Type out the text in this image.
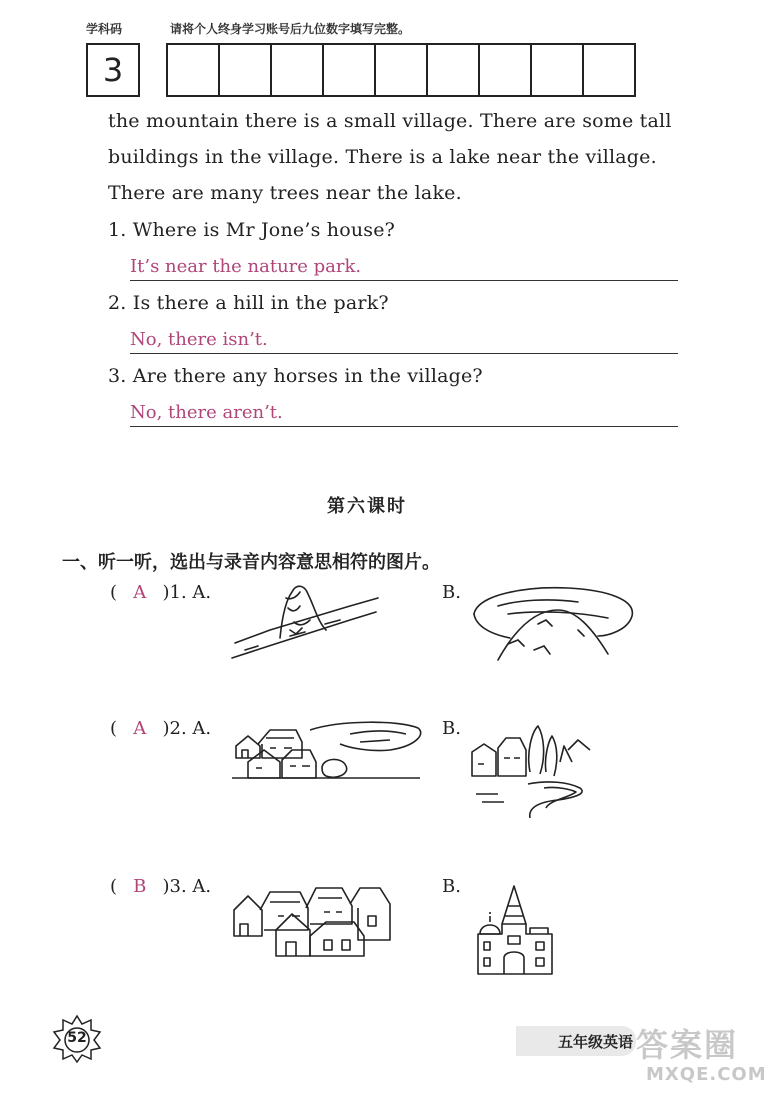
学科码	请将个人终身学习账号后九位数字填写完整。
3
the mountain there is a small village. There are some tall
buildings in the village. There is a lake near the village.
There are many trees near the lake.
1. Where is Mr Jone’s house?
It’s near the nature park.
2. Is there a hill in the park?
No, there isn’t.
3. Are there any horses in the village?
No, there aren’t.
第六课时
一、听一听，选出与录音内容意思相符的图片。
( A )1. A.	B.
( A )2. A.	B.
( B )3. A.	B.
52	五年级英语 答案圈
MXQE.COM
